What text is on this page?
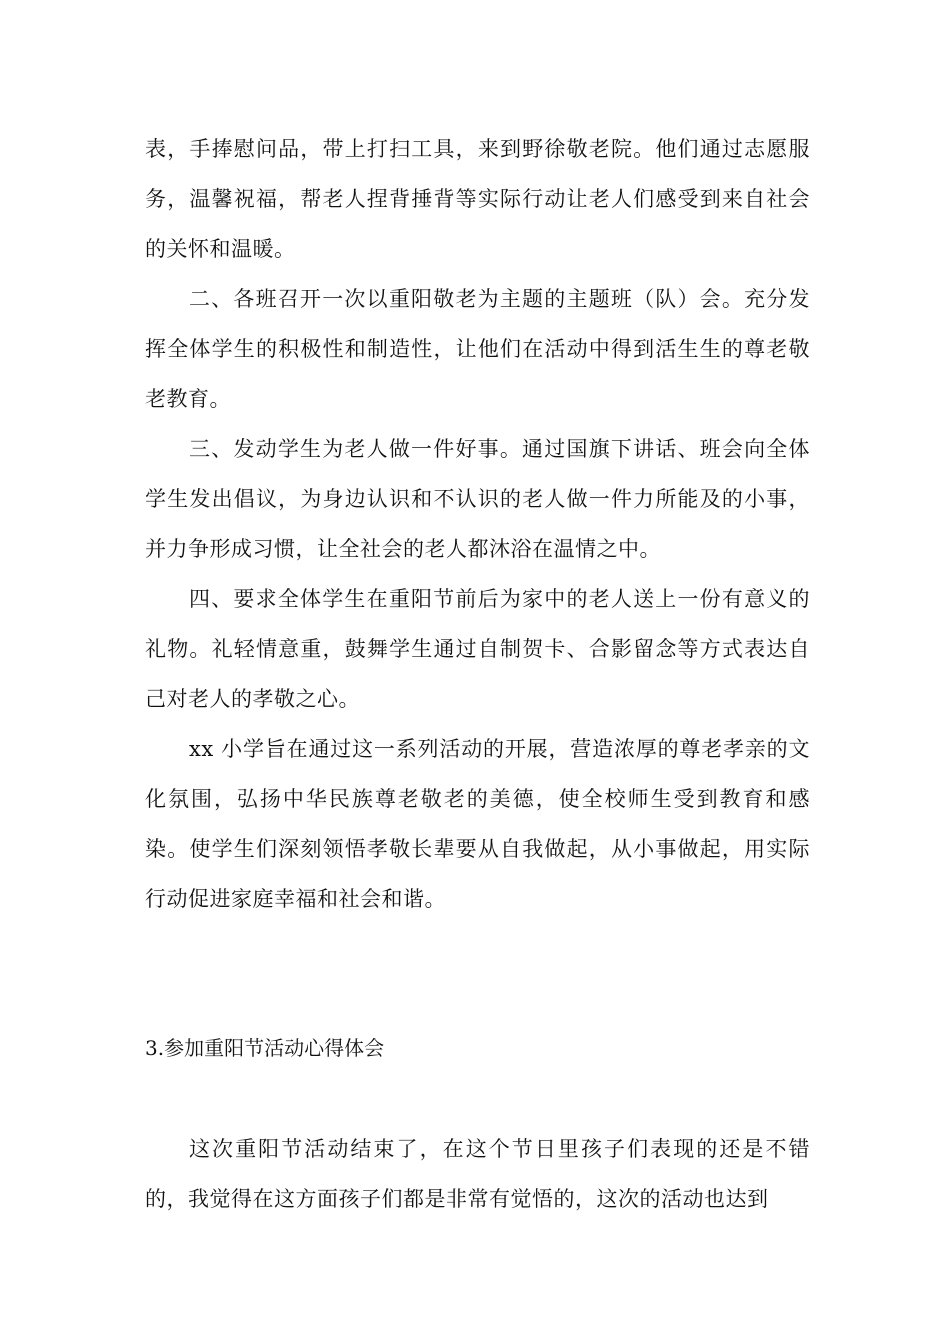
表，手捧慰问品，带上打扫工具，来到野徐敬老院。他们通过志愿服务，温馨祝福，帮老人捏背捶背等实际行动让老人们感受到来自社会的关怀和温暖。

二、各班召开一次以重阳敬老为主题的主题班（队）会。充分发挥全体学生的积极性和制造性，让他们在活动中得到活生生的尊老敬老教育。

三、发动学生为老人做一件好事。通过国旗下讲话、班会向全体学生发出倡议，为身边认识和不认识的老人做一件力所能及的小事，并力争形成习惯，让全社会的老人都沐浴在温情之中。

四、要求全体学生在重阳节前后为家中的老人送上一份有意义的礼物。礼轻情意重，鼓舞学生通过自制贺卡、合影留念等方式表达自己对老人的孝敬之心。

xx 小学旨在通过这一系列活动的开展，营造浓厚的尊老孝亲的文化氛围，弘扬中华民族尊老敬老的美德，使全校师生受到教育和感染。使学生们深刻领悟孝敬长辈要从自我做起，从小事做起，用实际行动促进家庭幸福和社会和谐。

3.参加重阳节活动心得体会

这次重阳节活动结束了，在这个节日里孩子们表现的还是不错的，我觉得在这方面孩子们都是非常有觉悟的，这次的活动也达到
